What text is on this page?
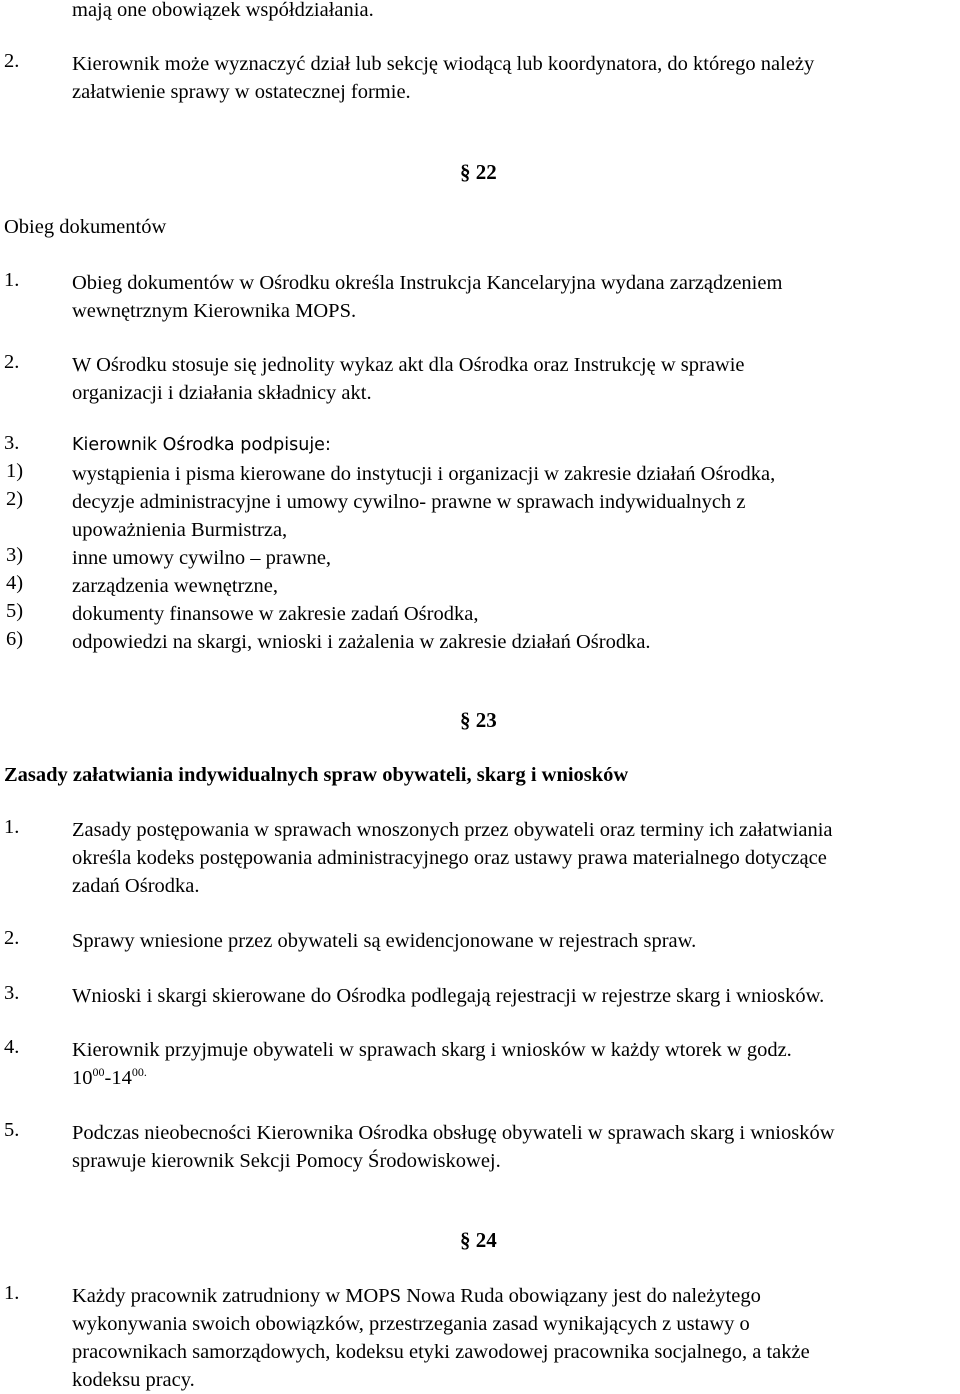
mają one obowiązek współdziałania.
2.	Kierownik może wyznaczyć dział lub sekcję wiodącą lub koordynatora, do którego należy
załatwienie sprawy w ostatecznej formie.
§ 22
Obieg dokumentów
1.	Obieg dokumentów w Ośrodku określa Instrukcja Kancelaryjna wydana zarządzeniem
wewnętrznym Kierownika MOPS.
2.	W Ośrodku stosuje się jednolity wykaz akt dla Ośrodka oraz Instrukcję w sprawie
organizacji i działania składnicy akt.
3.	Kierownik Ośrodka podpisuje:
1)	wystąpienia i pisma kierowane do instytucji i organizacji w zakresie działań Ośrodka,
2)	decyzje administracyjne i umowy cywilno- prawne w sprawach indywidualnych z
upoważnienia Burmistrza,
3)	inne umowy cywilno – prawne,
4)	zarządzenia wewnętrzne,
5)	dokumenty finansowe w zakresie zadań Ośrodka,
6)	odpowiedzi na skargi, wnioski i zażalenia w zakresie działań Ośrodka.
§ 23
Zasady załatwiania indywidualnych spraw obywateli, skarg i wniosków
1.	Zasady postępowania w sprawach wnoszonych przez obywateli oraz terminy ich załatwiania
określa kodeks postępowania administracyjnego oraz ustawy prawa materialnego dotyczące
zadań Ośrodka.
2.	Sprawy wniesione przez obywateli są ewidencjonowane w rejestrach spraw.
3.	Wnioski i skargi skierowane do Ośrodka podlegają rejestracji w rejestrze skarg i wniosków.
4.	Kierownik przyjmuje obywateli w sprawach skarg i wniosków w każdy wtorek w godz.
$10^{00}-14^{00.}$
5.	Podczas nieobecności Kierownika Ośrodka obsługę obywateli w sprawach skarg i wniosków
sprawuje kierownik Sekcji Pomocy Środowiskowej.
§ 24
1.	Każdy pracownik zatrudniony w MOPS Nowa Ruda obowiązany jest do należytego
wykonywania swoich obowiązków, przestrzegania zasad wynikających z ustawy o
pracownikach samorządowych, kodeksu etyki zawodowej pracownika socjalnego, a także
kodeksu pracy.
